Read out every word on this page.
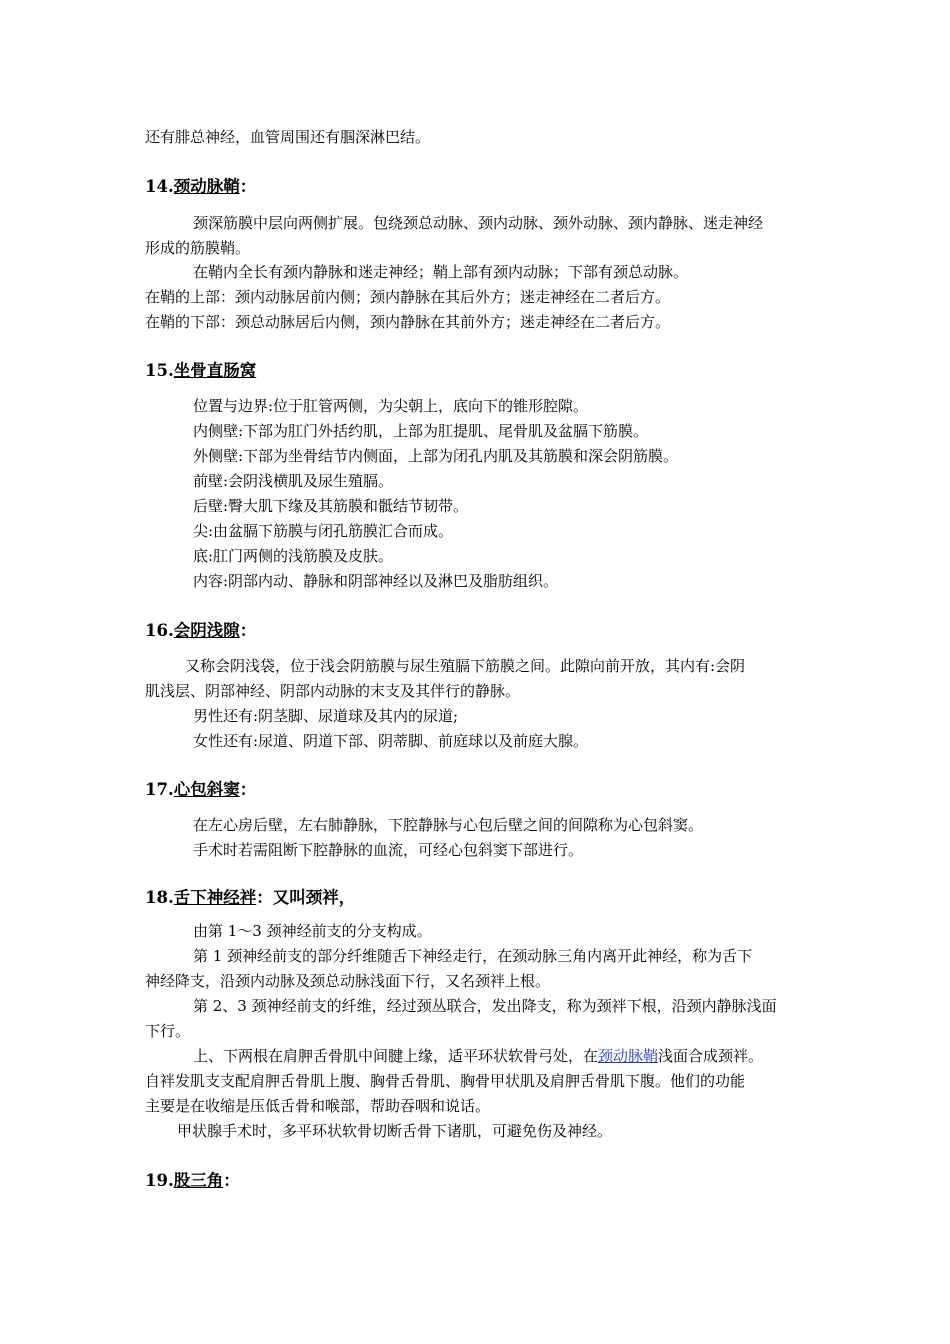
还有腓总神经，血管周围还有腘深淋巴结。
14.颈动脉鞘：
颈深筋膜中层向两侧扩展。包绕颈总动脉、颈内动脉、颈外动脉、颈内静脉、迷走神经
形成的筋膜鞘。
在鞘内全长有颈内静脉和迷走神经；鞘上部有颈内动脉；下部有颈总动脉。
在鞘的上部：颈内动脉居前内侧；颈内静脉在其后外方；迷走神经在二者后方。
在鞘的下部：颈总动脉居后内侧，颈内静脉在其前外方；迷走神经在二者后方。
15.坐骨直肠窝
位置与边界:位于肛管两侧，为尖朝上，底向下的锥形腔隙。
内侧壁:下部为肛门外括约肌，上部为肛提肌、尾骨肌及盆膈下筋膜。
外侧壁:下部为坐骨结节内侧面，上部为闭孔内肌及其筋膜和深会阴筋膜。
前壁:会阴浅横肌及尿生殖膈。
后壁:臀大肌下缘及其筋膜和骶结节韧带。
尖:由盆膈下筋膜与闭孔筋膜汇合而成。
底:肛门两侧的浅筋膜及皮肤。
内容:阴部内动、静脉和阴部神经以及淋巴及脂肪组织。
16.会阴浅隙：
又称会阴浅袋，位于浅会阴筋膜与尿生殖膈下筋膜之间。此隙向前开放，其内有:会阴
肌浅层、阴部神经、阴部内动脉的末支及其伴行的静脉。
男性还有:阴茎脚、尿道球及其内的尿道;
女性还有:尿道、阴道下部、阴蒂脚、前庭球以及前庭大腺。
17.心包斜窦：
在左心房后壁，左右肺静脉，下腔静脉与心包后壁之间的间隙称为心包斜窦。
手术时若需阻断下腔静脉的血流，可经心包斜窦下部进行。
18.舌下神经袢：又叫颈袢，
由第 1～3 颈神经前支的分支构成。
第 1 颈神经前支的部分纤维随舌下神经走行，在颈动脉三角内离开此神经，称为舌下
神经降支，沿颈内动脉及颈总动脉浅面下行，又名颈袢上根。
第 2、3 颈神经前支的纤维，经过颈丛联合，发出降支，称为颈袢下根，沿颈内静脉浅面
下行。
上、下两根在肩胛舌骨肌中间腱上缘，适平环状软骨弓处，在颈动脉鞘浅面合成颈袢。
自袢发肌支支配肩胛舌骨肌上腹、胸骨舌骨肌、胸骨甲状肌及肩胛舌骨肌下腹。他们的功能
主要是在收缩是压低舌骨和喉部，帮助吞咽和说话。
甲状腺手术时，多平环状软骨切断舌骨下诸肌，可避免伤及神经。
19.股三角：
